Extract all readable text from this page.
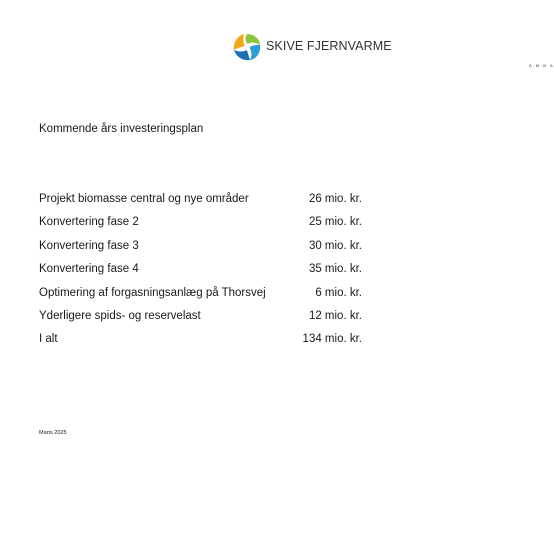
A.M.B.A
SKIVE FJERNVARME
Kommende års investeringsplan
Projekt biomasse central og nye områder	26 mio. kr.
Konvertering fase 2	25 mio. kr.
Konvertering fase 3	30 mio. kr.
Konvertering fase 4	35 mio. kr.
Optimering af forgasningsanlæg på Thorsvej	6 mio. kr.
Yderligere spids- og reservelast	12 mio. kr.
I alt	134 mio. kr.
Marts 2025
